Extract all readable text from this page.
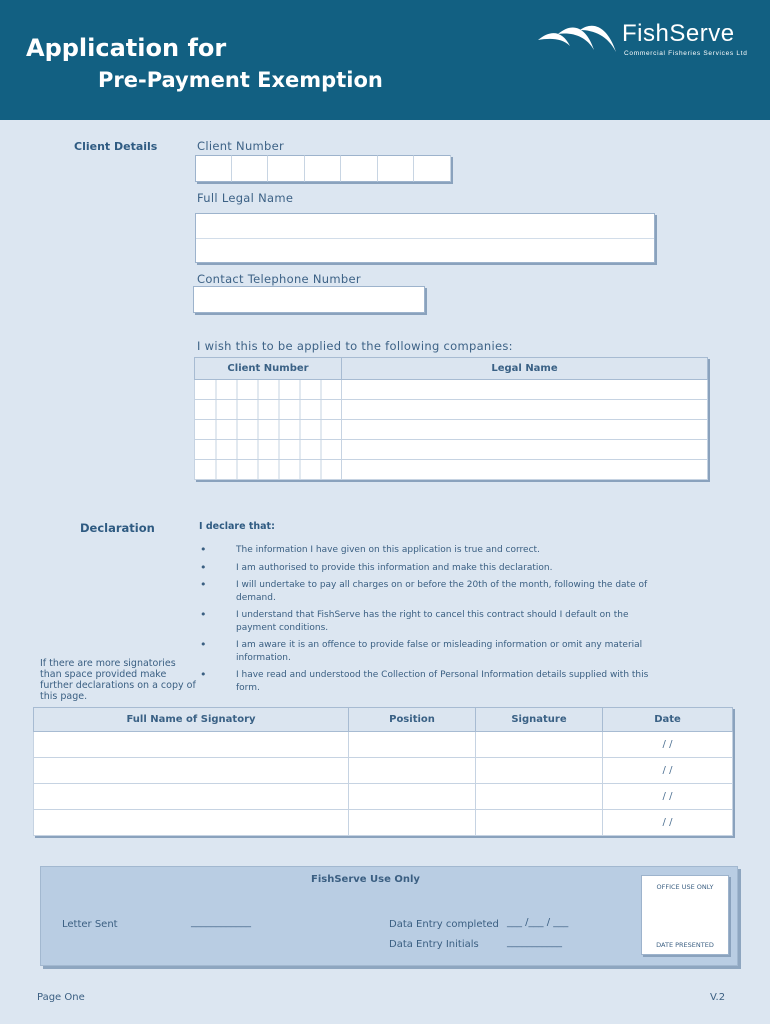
Application for
Pre-Payment Exemption
FishServe
Commercial Fisheries Services Ltd
Client Details	Client Number
Full Legal Name
Contact Telephone Number
I wish this to be applied to the following companies:
Client Number	Legal Name

Declaration	I declare that:
• The information I have given on this application is true and correct.
• I am authorised to provide this information and make this declaration.
• I will undertake to pay all charges on or before the 20th of the month, following the date of demand.
• I understand that FishServe has the right to cancel this contract should I default on the payment conditions.
• I am aware it is an offence to provide false or misleading information or omit any material information.
• I have read and understood the Collection of Personal Information details supplied with this form.
If there are more signatories than space provided make further declarations on a copy of this page.
Full Name of Signatory	Position	Signature	Date
			/ /
			/ /
			/ /
			/ /
FishServe Use Only
Letter Sent	____________	Data Entry completed ___ /___ / ___
Data Entry Initials	___________
OFFICE USE ONLY
DATE PRESENTED
Page One	V.2
